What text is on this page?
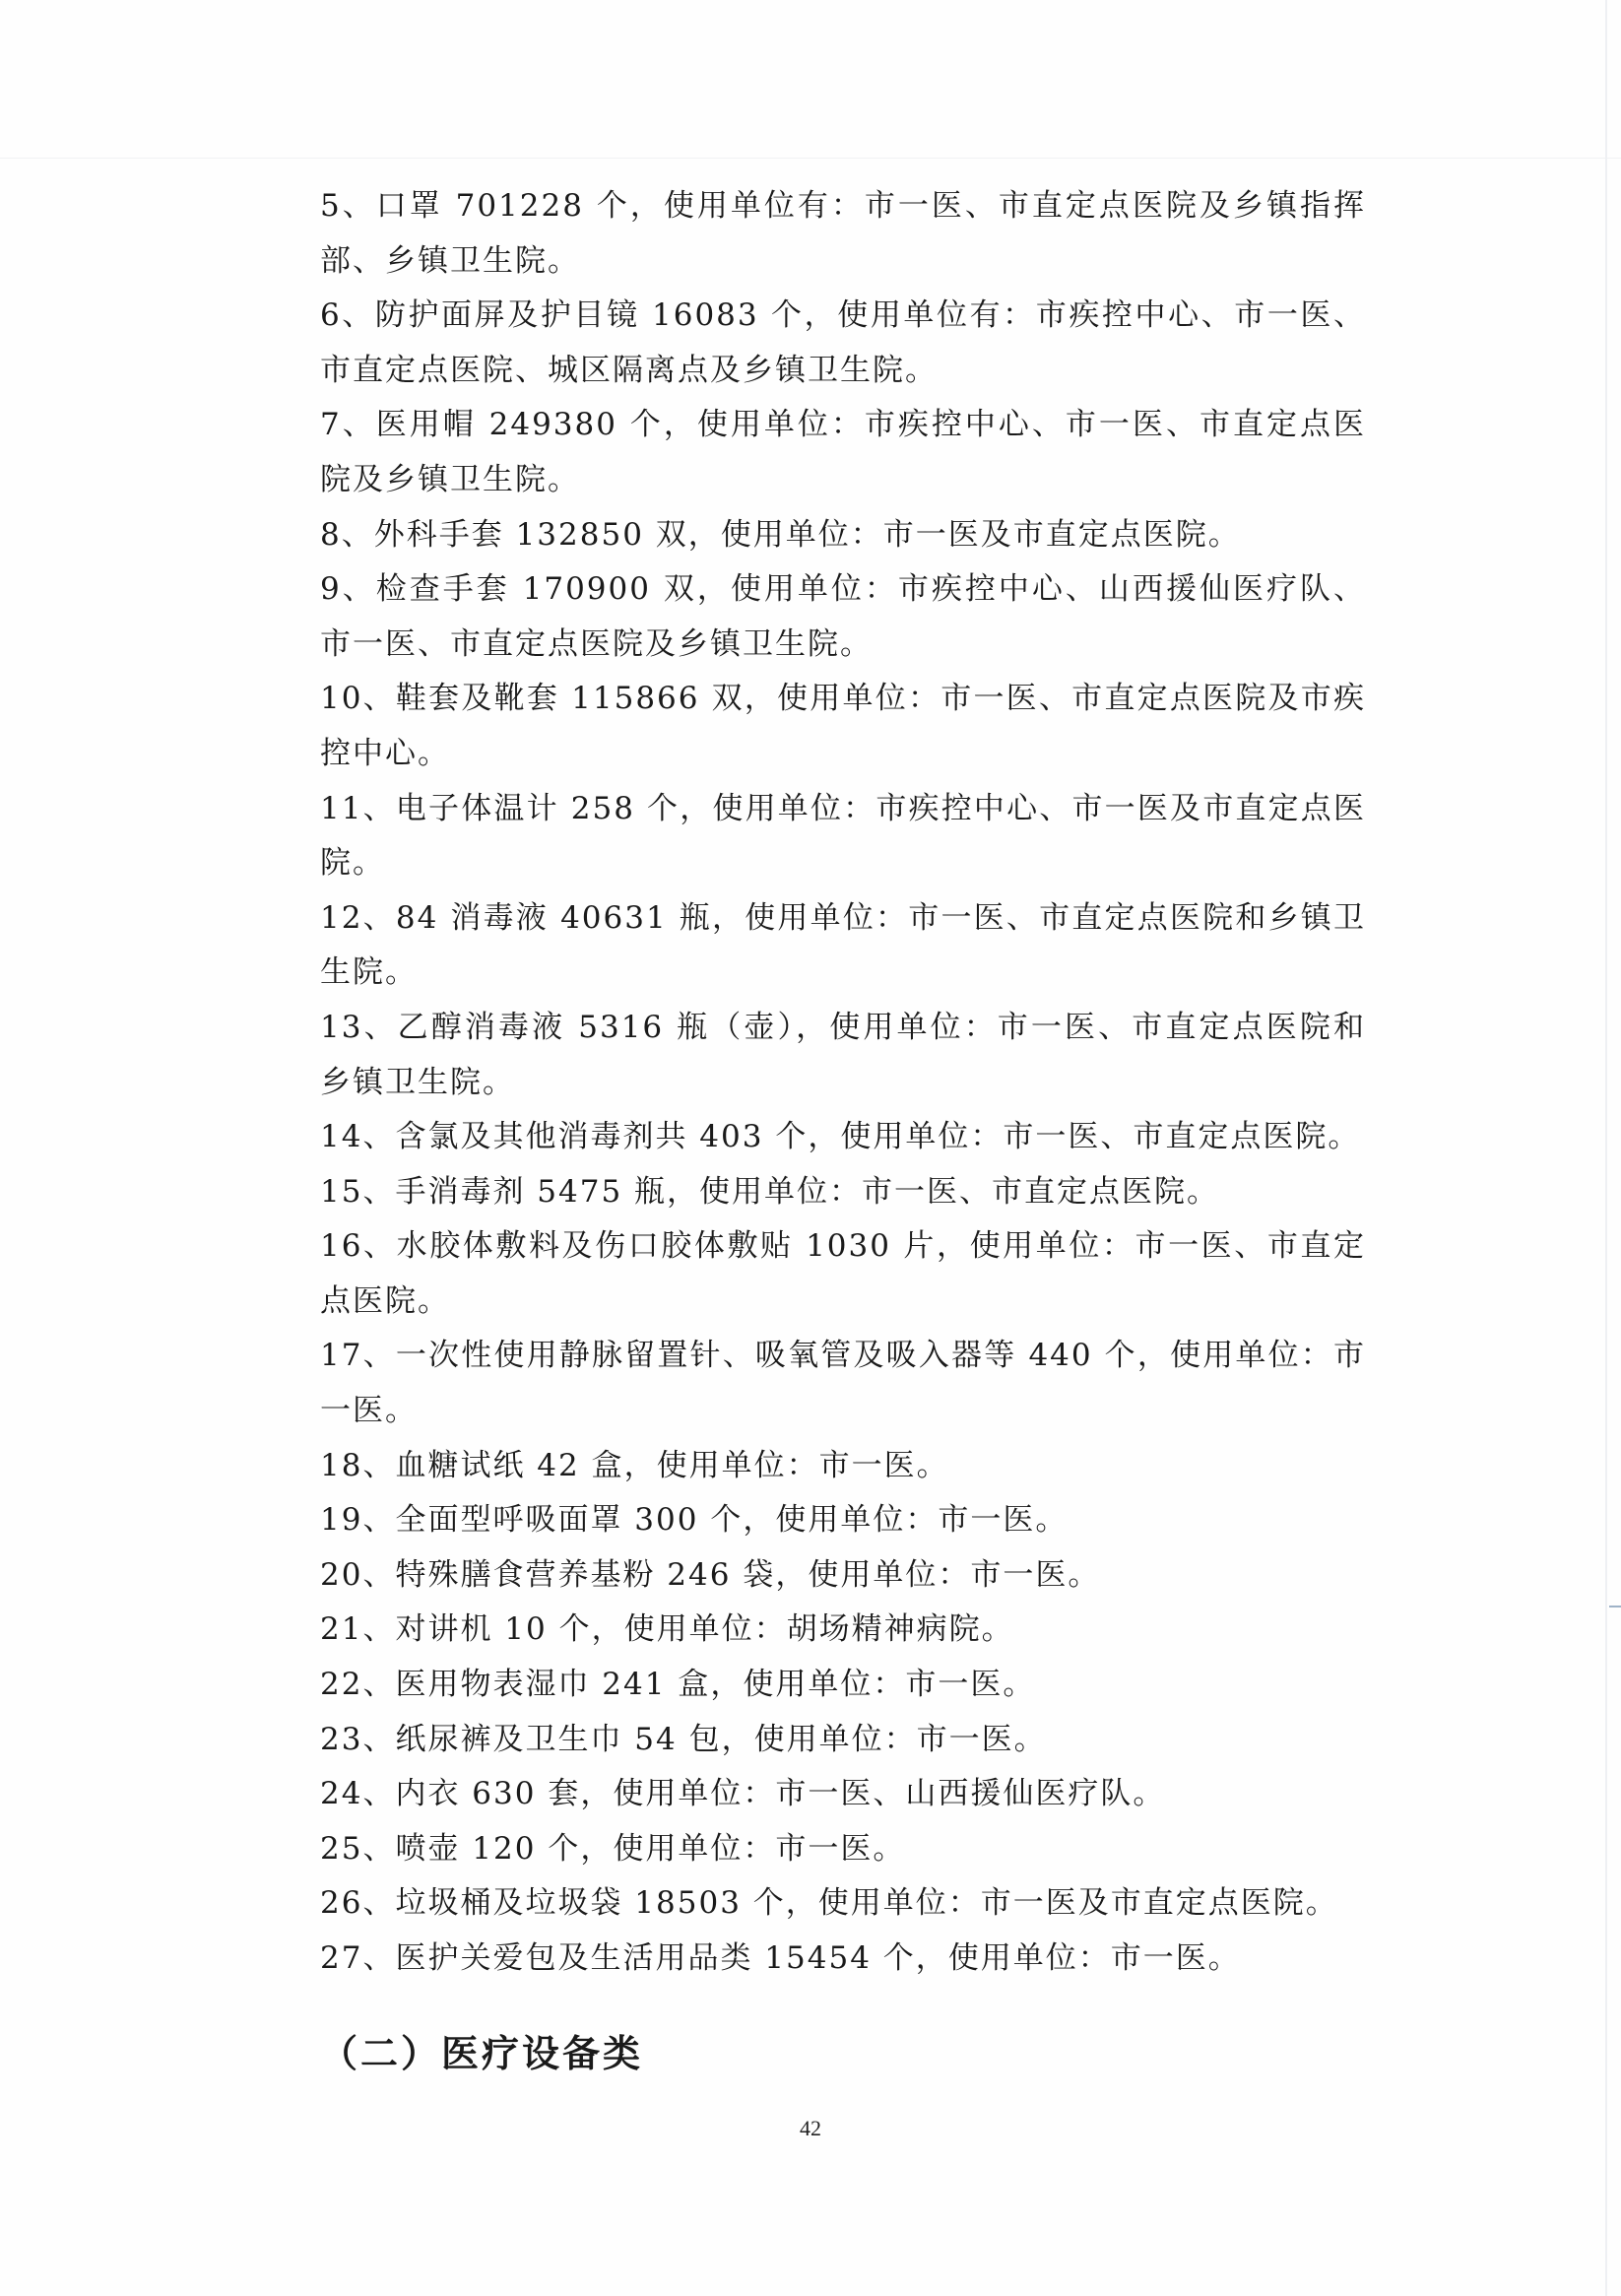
5、口罩 701228 个，使用单位有：市一医、市直定点医院及乡镇指挥部、乡镇卫生院。

6、防护面屏及护目镜 16083 个，使用单位有：市疾控中心、市一医、市直定点医院、城区隔离点及乡镇卫生院。

7、医用帽 249380 个，使用单位：市疾控中心、市一医、市直定点医院及乡镇卫生院。

8、外科手套 132850 双，使用单位：市一医及市直定点医院。

9、检查手套 170900 双，使用单位：市疾控中心、山西援仙医疗队、市一医、市直定点医院及乡镇卫生院。

10、鞋套及靴套 115866 双，使用单位：市一医、市直定点医院及市疾控中心。

11、电子体温计 258 个，使用单位：市疾控中心、市一医及市直定点医院。

12、84 消毒液 40631 瓶，使用单位：市一医、市直定点医院和乡镇卫生院。

13、乙醇消毒液 5316 瓶（壶），使用单位：市一医、市直定点医院和乡镇卫生院。

14、含氯及其他消毒剂共 403 个，使用单位：市一医、市直定点医院。

15、手消毒剂 5475 瓶，使用单位：市一医、市直定点医院。

16、水胶体敷料及伤口胶体敷贴 1030 片，使用单位：市一医、市直定点医院。

17、一次性使用静脉留置针、吸氧管及吸入器等 440 个，使用单位：市一医。

18、血糖试纸 42 盒，使用单位：市一医。

19、全面型呼吸面罩 300 个，使用单位：市一医。

20、特殊膳食营养基粉 246 袋，使用单位：市一医。

21、对讲机 10 个，使用单位：胡场精神病院。

22、医用物表湿巾 241 盒，使用单位：市一医。

23、纸尿裤及卫生巾 54 包，使用单位：市一医。

24、内衣 630 套，使用单位：市一医、山西援仙医疗队。

25、喷壶 120 个，使用单位：市一医。

26、垃圾桶及垃圾袋 18503 个，使用单位：市一医及市直定点医院。

27、医护关爱包及生活用品类 15454 个，使用单位：市一医。

（二）医疗设备类
42
